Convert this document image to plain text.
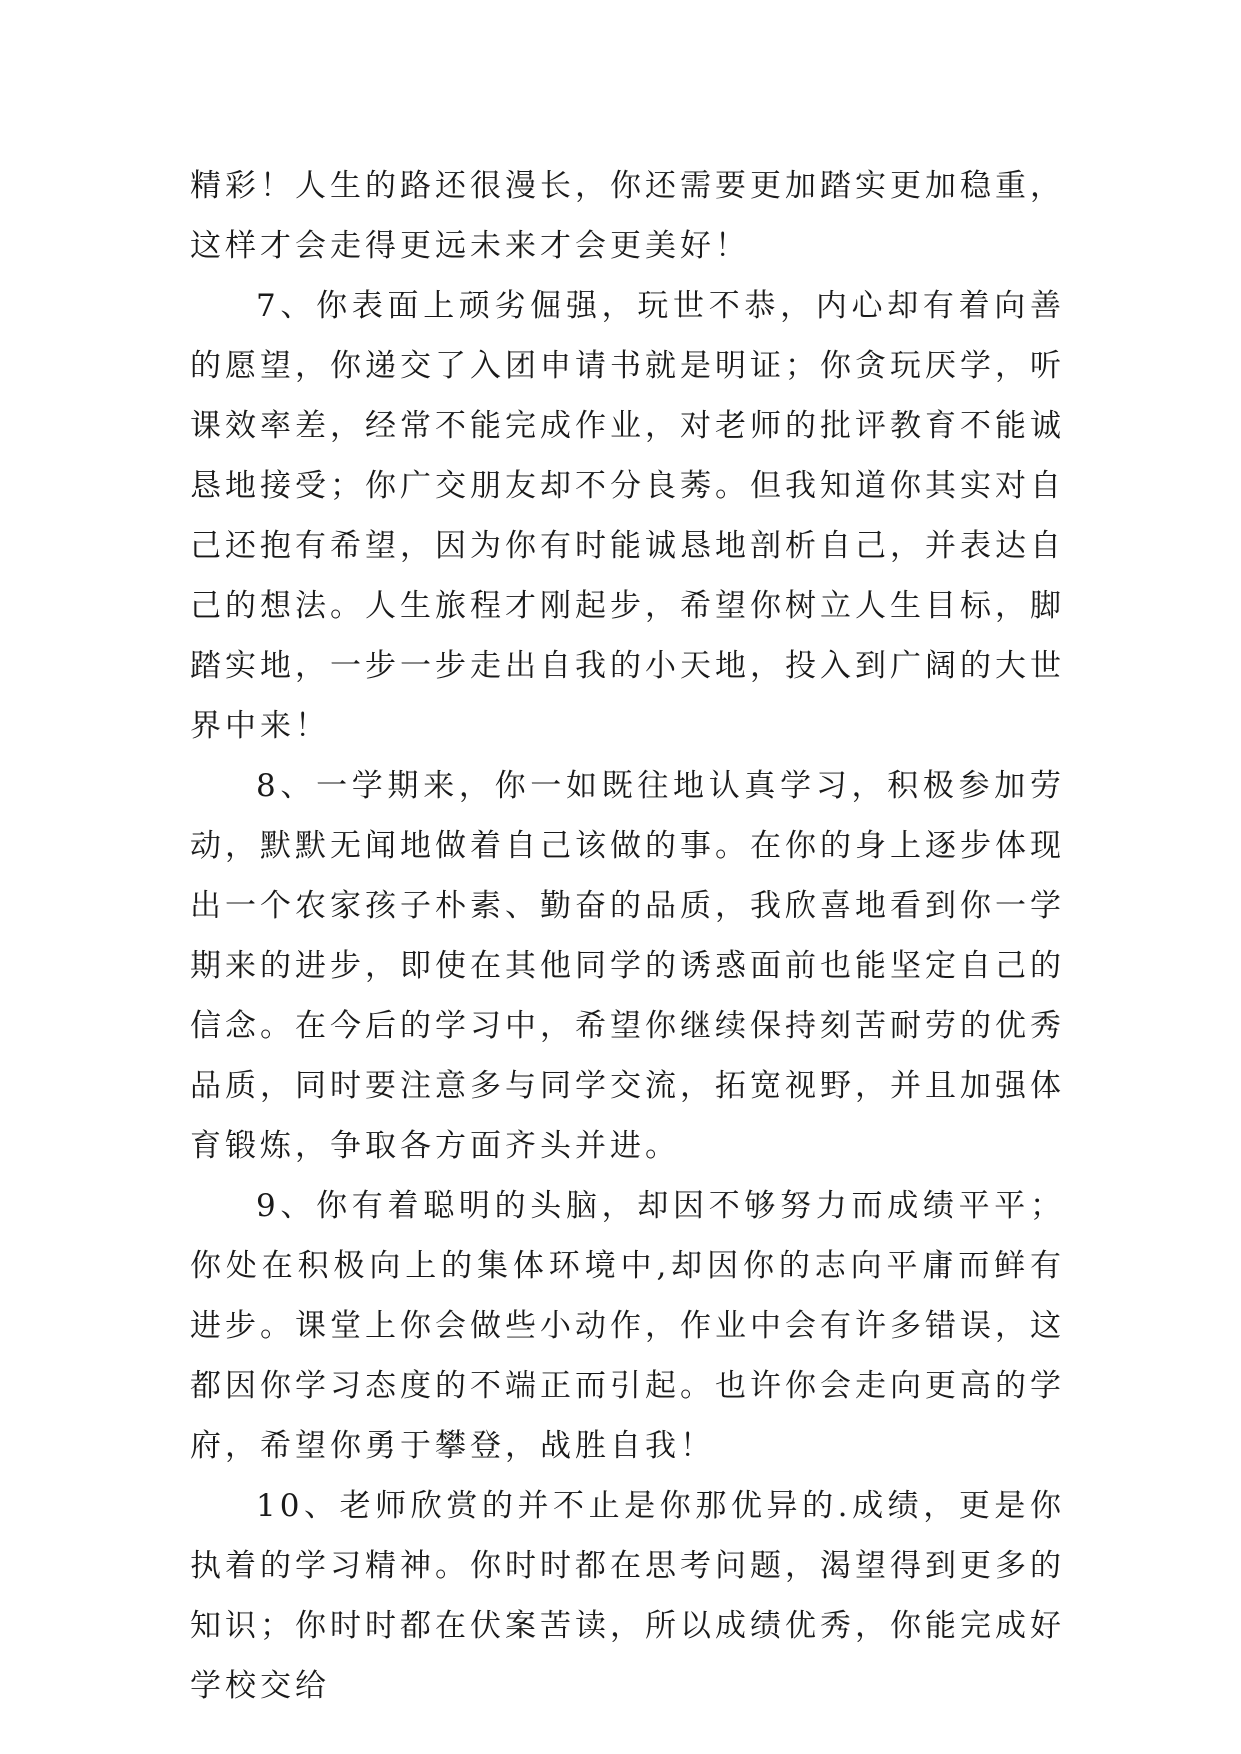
精彩！人生的路还很漫长，你还需要更加踏实更加稳重，这样才会走得更远未来才会更美好！

7、你表面上顽劣倔强，玩世不恭，内心却有着向善的愿望，你递交了入团申请书就是明证；你贪玩厌学，听课效率差，经常不能完成作业，对老师的批评教育不能诚恳地接受；你广交朋友却不分良莠。但我知道你其实对自己还抱有希望，因为你有时能诚恳地剖析自己，并表达自己的想法。人生旅程才刚起步，希望你树立人生目标，脚踏实地，一步一步走出自我的小天地，投入到广阔的大世界中来！

8、一学期来，你一如既往地认真学习，积极参加劳动，默默无闻地做着自己该做的事。在你的身上逐步体现出一个农家孩子朴素、勤奋的品质，我欣喜地看到你一学期来的进步，即使在其他同学的诱惑面前也能坚定自己的信念。在今后的学习中，希望你继续保持刻苦耐劳的优秀品质，同时要注意多与同学交流，拓宽视野，并且加强体育锻炼，争取各方面齐头并进。

9、你有着聪明的头脑，却因不够努力而成绩平平；你处在积极向上的集体环境中,却因你的志向平庸而鲜有进步。课堂上你会做些小动作，作业中会有许多错误，这都因你学习态度的不端正而引起。也许你会走向更高的学府，希望你勇于攀登，战胜自我！

10、老师欣赏的并不止是你那优异的.成绩，更是你执着的学习精神。你时时都在思考问题，渴望得到更多的知识；你时时都在伏案苦读，所以成绩优秀，你能完成好学校交给
